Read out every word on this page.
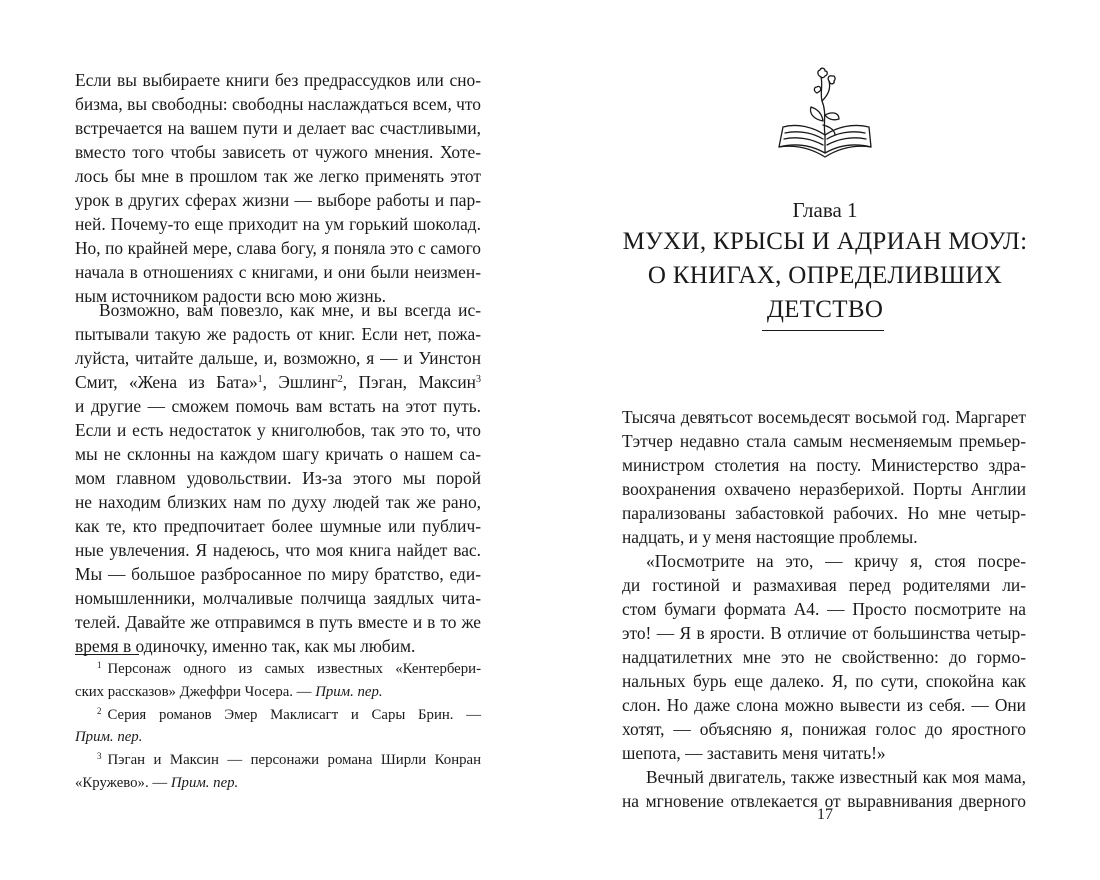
Если вы выбираете книги без предрассудков или сно-
бизма, вы свободны: свободны наслаждаться всем, что
встречается на вашем пути и делает вас счастливыми,
вместо того чтобы зависеть от чужого мнения. Хоте-
лось бы мне в прошлом так же легко применять этот
урок в других сферах жизни — выборе работы и пар-
ней. Почему-то еще приходит на ум горький шоколад.
Но, по крайней мере, слава богу, я поняла это с самого
начала в отношениях с книгами, и они были неизмен-
ным источником радости всю мою жизнь.
Возможно, вам повезло, как мне, и вы всегда ис-
пытывали такую же радость от книг. Если нет, пожа-
луйста, читайте дальше, и, возможно, я — и Уинстон
Смит, «Жена из Бата»$^1$, Эшлинг$^2$, Пэган, Максин$^3$
и другие — сможем помочь вам встать на этот путь.
Если и есть недостаток у книголюбов, так это то, что
мы не склонны на каждом шагу кричать о нашем са-
мом главном удовольствии. Из-за этого мы порой
не находим близких нам по духу людей так же рано,
как те, кто предпочитает более шумные или публич-
ные увлечения. Я надеюсь, что моя книга найдет вас.
Мы — большое разбросанное по миру братство, еди-
номышленники, молчаливые полчища заядлых чита-
телей. Давайте же отправимся в путь вместе и в то же
время в одиночку, именно так, как мы любим.
$^1$ Персонаж одного из самых известных «Кентербери-
ских рассказов» Джеффри Чосера. — Прим. пер.
$^2$ Серия романов Эмер Маклисагт и Сары Брин. —
Прим. пер.
$^3$ Пэган и Максин — персонажи романа Ширли Конран
«Кружево». — Прим. пер.
Глава 1
МУХИ, КРЫСЫ И АДРИАН МОУЛ:
О КНИГАХ, ОПРЕДЕЛИВШИХ
ДЕТСТВО
Тысяча девятьсот восемьдесят восьмой год. Маргарет
Тэтчер недавно стала самым несменяемым премьер-
министром столетия на посту. Министерство здра-
воохранения охвачено неразберихой. Порты Англии
парализованы забастовкой рабочих. Но мне четыр-
надцать, и у меня настоящие проблемы.
«Посмотрите на это, — кричу я, стоя посре-
ди гостиной и размахивая перед родителями ли-
стом бумаги формата А4. — Просто посмотрите на
это! — Я в ярости. В отличие от большинства четыр-
надцатилетних мне это не свойственно: до гормо-
нальных бурь еще далеко. Я, по сути, спокойна как
слон. Но даже слона можно вывести из себя. — Они
хотят, — объясняю я, понижая голос до яростного
шепота, — заставить меня читать!»
Вечный двигатель, также известный как моя мама,
на мгновение отвлекается от выравнивания дверного
17
